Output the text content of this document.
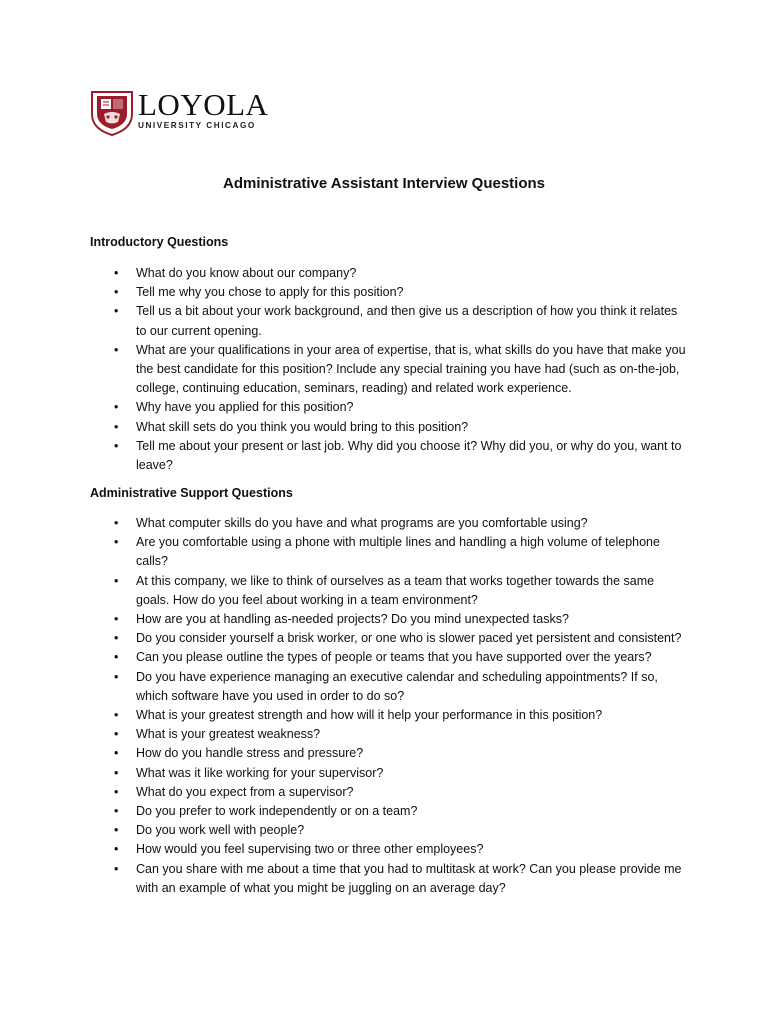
LOYOLA
UNIVERSITY CHICAGO
Administrative Assistant Interview Questions
Introductory Questions
• What do you know about our company?
• Tell me why you chose to apply for this position?
• Tell us a bit about your work background, and then give us a description of how you think it relates to our current opening.
• What are your qualifications in your area of expertise, that is, what skills do you have that make you the best candidate for this position? Include any special training you have had (such as on-the-job, college, continuing education, seminars, reading) and related work experience.
• Why have you applied for this position?
• What skill sets do you think you would bring to this position?
• Tell me about your present or last job. Why did you choose it? Why did you, or why do you, want to leave?
Administrative Support Questions
• What computer skills do you have and what programs are you comfortable using?
• Are you comfortable using a phone with multiple lines and handling a high volume of telephone calls?
• At this company, we like to think of ourselves as a team that works together towards the same goals. How do you feel about working in a team environment?
• How are you at handling as-needed projects? Do you mind unexpected tasks?
• Do you consider yourself a brisk worker, or one who is slower paced yet persistent and consistent?
• Can you please outline the types of people or teams that you have supported over the years?
• Do you have experience managing an executive calendar and scheduling appointments? If so, which software have you used in order to do so?
• What is your greatest strength and how will it help your performance in this position?
• What is your greatest weakness?
• How do you handle stress and pressure?
• What was it like working for your supervisor?
• What do you expect from a supervisor?
• Do you prefer to work independently or on a team?
• Do you work well with people?
• How would you feel supervising two or three other employees?
• Can you share with me about a time that you had to multitask at work? Can you please provide me with an example of what you might be juggling on an average day?
